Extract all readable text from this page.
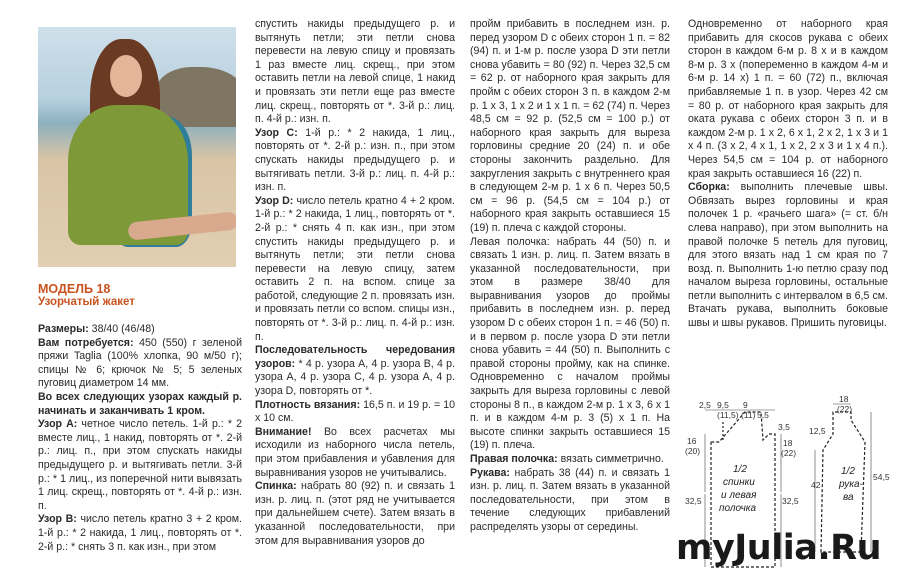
МОДЕЛЬ 18
Узорчатый жакет

Размеры: 38/40 (46/48)

Вам потребуется: 450 (550) г зеленой пряжи Taglia (100% хлопка, 90 м/50 г); спицы № 6; крючок № 5; 5 зеленых пуговиц диаметром 14 мм.

Во всех следующих узорах каждый р. начинать и заканчивать 1 кром.

Узор А: четное число петель. 1-й р.: * 2 вместе лиц., 1 накид, повторять от *. 2-й р.: лиц. п., при этом спускать накиды предыдущего р. и вытягивать петли. 3-й р.: * 1 лиц., из поперечной нити вывязать 1 лиц. скрещ., повторять от *. 4-й р.: изн. п.

Узор В: число петель кратно 3 + 2 кром. 1-й р.: * 2 накида, 1 лиц., повторять от *. 2-й р.: * снять 3 п. как изн., при этом

спустить накиды предыдущего р. и вытянуть петли; эти петли снова перевести на левую спицу и провязать 1 раз вместе лиц. скрещ., при этом оставить петли на левой спице, 1 накид и провязать эти петли еще раз вместе лиц. скрещ., повторять от *. 3-й р.: лиц. п. 4-й р.: изн. п.

Узор С: 1-й р.: * 2 накида, 1 лиц., повторять от *. 2-й р.: изн. п., при этом спускать накиды предыдущего р. и вытягивать петли. 3-й р.: лиц. п. 4-й р.: изн. п.

Узор D: число петель кратно 4 + 2 кром. 1-й р.: * 2 накида, 1 лиц., повторять от *. 2-й р.: * снять 4 п. как изн., при этом спустить накиды предыдущего р. и вытянуть петли; эти петли снова перевести на левую спицу, затем оставить 2 п. на вспом. спице за работой, следующие 2 п. провязать изн. и провязать петли со вспом. спицы изн., повторять от *. 3-й р.: лиц. п. 4-й р.: изн. п.

Последовательность чередования узоров: * 4 р. узора А, 4 р. узора В, 4 р. узора А, 4 р. узора С, 4 р. узора А, 4 р. узора D, повторять от *.

Плотность вязания: 16,5 п. и 19 р. = 10 х 10 см.

Внимание! Во всех расчетах мы исходили из наборного числа петель, при этом прибавления и убавления для выравнивания узоров не учитывались.

Спинка: набрать 80 (92) п. и связать 1 изн. р. лиц. п. (этот ряд не учитывается при дальнейшем счете). Затем вязать в указанной последовательности, при этом для выравнивания узоров до

пройм прибавить в последнем изн. р. перед узором D с обеих сторон 1 п. = 82 (94) п. и 1-м р. после узора D эти петли снова убавить = 80 (92) п. Через 32,5 см = 62 р. от наборного края закрыть для пройм с обеих сторон 3 п. в каждом 2-м р. 1 х 3, 1 х 2 и 1 х 1 п. = 62 (74) п. Через 48,5 см = 92 р. (52,5 см = 100 р.) от наборного края закрыть для выреза горловины средние 20 (24) п. и обе стороны закончить раздельно. Для закругления закрыть с внутреннего края в следующем 2-м р. 1 х 6 п. Через 50,5 см = 96 р. (54,5 см = 104 р.) от наборного края закрыть оставшиеся 15 (19) п. плеча с каждой стороны.

Левая полочка: набрать 44 (50) п. и связать 1 изн. р. лиц. п. Затем вязать в указанной последовательности, при этом в размере 38/40 для выравнивания узоров до проймы прибавить в последнем изн. р. перед узором D с обеих сторон 1 п. = 46 (50) п. и в первом р. после узора D эти петли снова убавить = 44 (50) п. Выполнить с правой стороны пройму, как на спинке. Одновременно с началом проймы закрыть для выреза горловины с левой стороны 8 п., в каждом 2-м р. 1 х 3, 6 х 1 п. и в каждом 4-м р. 3 (5) х 1 п. На высоте спинки закрыть оставшиеся 15 (19) п. плеча.

Правая полочка: вязать симметрично.

Рукава: набрать 38 (44) п. и связать 1 изн. р. лиц. п. Затем вязать в указанной последовательности, при этом в течение следующих прибавлений распределять узоры от середины.

Одновременно от наборного края прибавить для скосов рукава с обеих сторон в каждом 6-м р. 8 х и в каждом 8-м р. 3 х (попеременно в каждом 4-м и 6-м р. 14 х) 1 п. = 60 (72) п., включая прибавляемые 1 п. в узор. Через 42 см = 80 р. от наборного края закрыть для оката рукава с обеих сторон 3 п. и в каждом 2-м р. 1 х 2, 6 х 1, 2 х 2, 1 х 3 и 1 х 4 п. (3 х 2, 4 х 1, 1 х 2, 2 х 3 и 1 х 4 п.). Через 54,5 см = 104 р. от наборного края закрыть оставшиеся 16 (22) п.

Сборка: выполнить плечевые швы. Обвязать вырез горловины и края полочек 1 р. «рачьего шага» (= ст. б/н слева направо), при этом выполнить на правой полочке 5 петель для пуговиц, для этого вязать над 1 см края по 7 возд. п. Выполнить 1-ю петлю сразу под началом выреза горловины, остальные петли выполнить с интервалом в 6,5 см. Втачать рукава, выполнить боковые швы и швы рукавов. Пришить пуговицы.

2,5 9,5
(11,5)
9
(11) 5,5
3,5
16
(20)
18
(22)
32,5	32,5
1/2
спинки
и левая
полочка
18
(22)
12,5
42
54,5
1/2
рука-
ва
myJulia.Ru
